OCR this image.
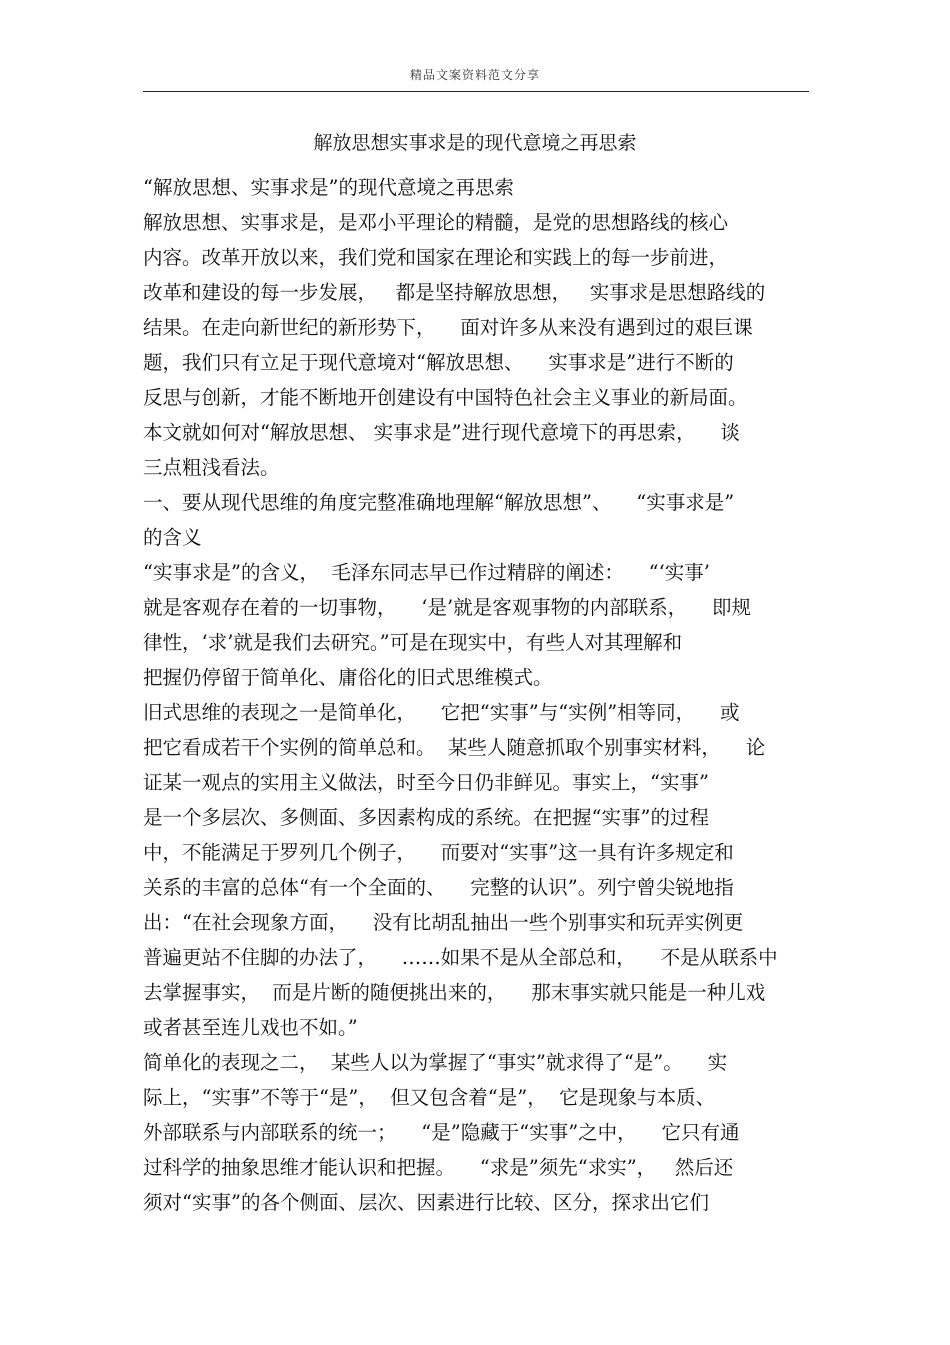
精品文案资料范文分享
解放思想实事求是的现代意境之再思索
“解放思想、实事求是”的现代意境之再思索
解放思想、实事求是，是邓小平理论的精髓，是党的思想路线的核心
内容。改革开放以来，我们党和国家在理论和实践上的每一步前进，
改革和建设的每一步发展，   都是坚持解放思想，   实事求是思想路线的
结果。在走向新世纪的新形势下，    面对许多从来没有遇到过的艰巨课
题，我们只有立足于现代意境对“解放思想、    实事求是”进行不断的
反思与创新，才能不断地开创建设有中国特色社会主义事业的新局面。
本文就如何对“解放思想、 实事求是”进行现代意境下的再思索，    谈
三点粗浅看法。
一、要从现代思维的角度完整准确地理解“解放思想”、    “实事求是”
的含义
“实事求是”的含义，  毛泽东同志早已作过精辟的阐述：    “‘实事’
就是客观存在着的一切事物，    ‘是’就是客观事物的内部联系，    即规
律性，‘求’就是我们去研究。”可是在现实中，有些人对其理解和
把握仍停留于简单化、庸俗化的旧式思维模式。
旧式思维的表现之一是简单化，    它把“实事”与“实例”相等同，    或
把它看成若干个实例的简单总和。  某些人随意抓取个别事实材料，    论
证某一观点的实用主义做法，时至今日仍非鲜见。事实上，“实事”
是一个多层次、多侧面、多因素构成的系统。在把握“实事”的过程
中，不能满足于罗列几个例子，    而要对“实事”这一具有许多规定和
关系的丰富的总体“有一个全面的、    完整的认识”。列宁曾尖锐地指
出：“在社会现象方面，    没有比胡乱抽出一些个别事实和玩弄实例更
普遍更站不住脚的办法了，    ……如果不是从全部总和，    不是从联系中
去掌握事实，  而是片断的随便挑出来的，    那末事实就只能是一种儿戏
或者甚至连儿戏也不如。”
简单化的表现之二，  某些人以为掌握了“事实”就求得了“是”。    实
际上，“实事”不等于“是”，  但又包含着“是”，  它是现象与本质、
外部联系与内部联系的统一；    “是”隐藏于“实事”之中，    它只有通
过科学的抽象思维才能认识和把握。    “求是”须先“求实”，   然后还
须对“实事”的各个侧面、层次、因素进行比较、区分，探求出它们
